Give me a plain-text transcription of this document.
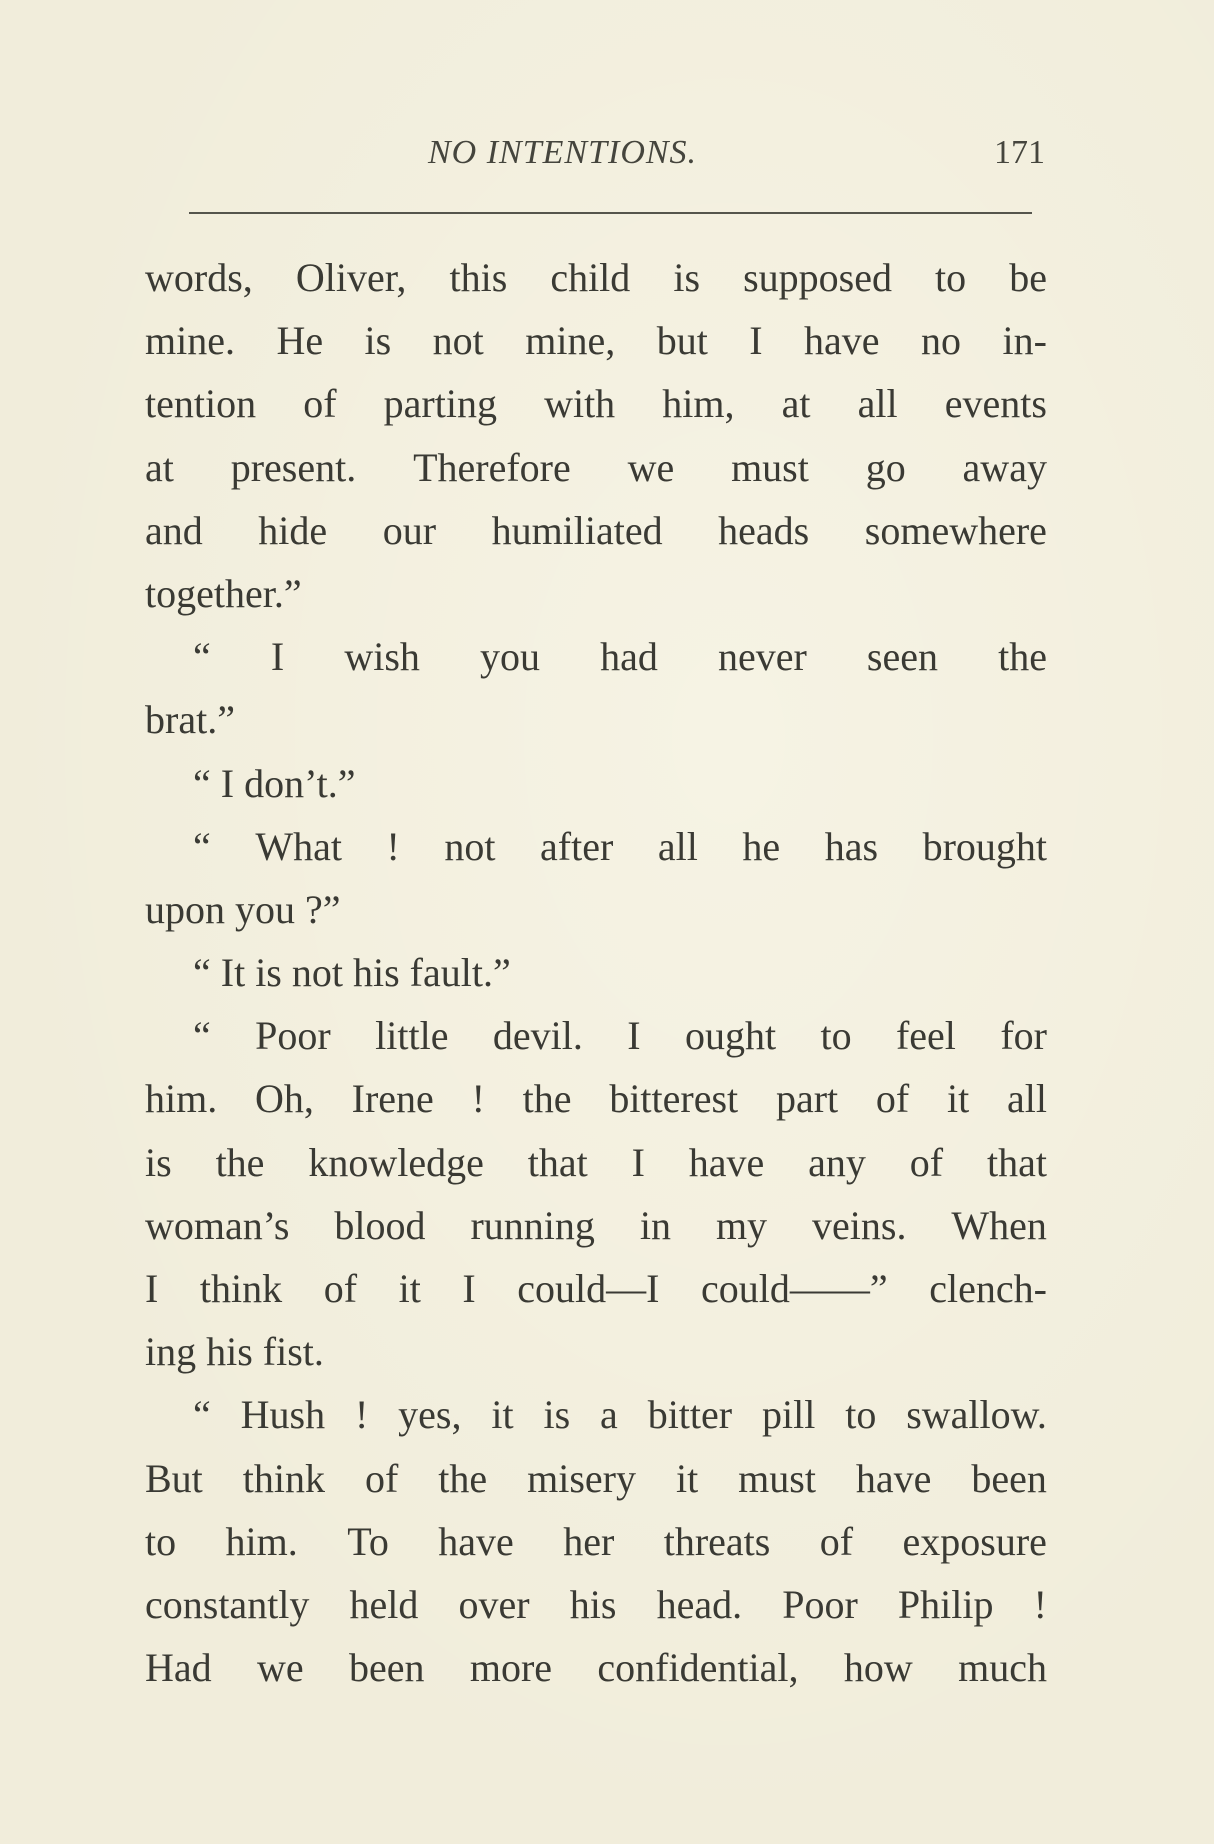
NO INTENTIONS.	171
words, Oliver, this child is supposed to be
mine. He is not mine, but I have no in-
tention of parting with him, at all events
at present. Therefore we must go away
and hide our humiliated heads somewhere
together.”
“ I wish you had never seen the
brat.”
“ I don’t.”
“ What ! not after all he has brought
upon you ?”
“ It is not his fault.”
“ Poor little devil. I ought to feel for
him. Oh, Irene ! the bitterest part of it all
is the knowledge that I have any of that
woman’s blood running in my veins. When
I think of it I could—I could——” clench-
ing his fist.
“ Hush ! yes, it is a bitter pill to swallow.
But think of the misery it must have been
to him. To have her threats of exposure
constantly held over his head. Poor Philip !
Had we been more confidential, how much
